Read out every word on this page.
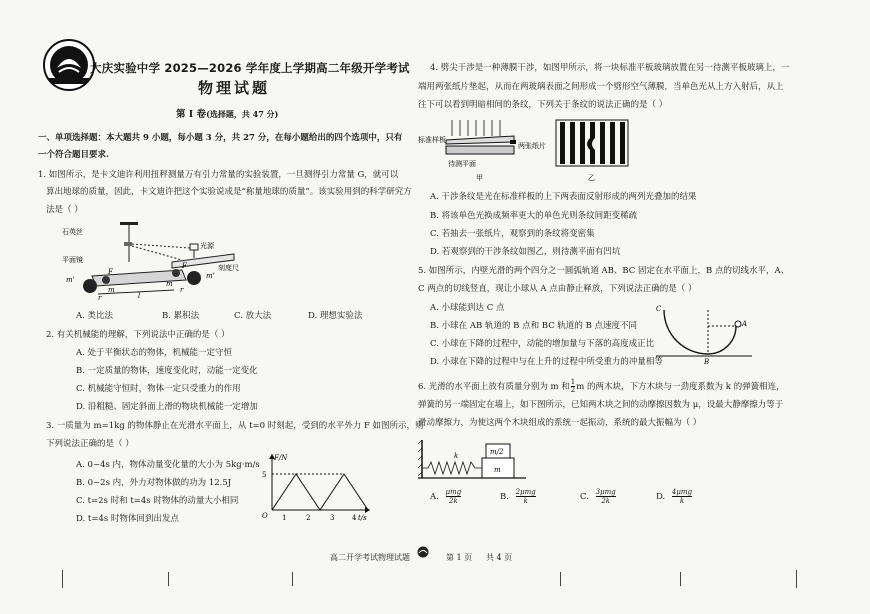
大庆实验中学 2025—2026 学年度上学期高二年级开学考试
物理试题
第 I 卷(选择题，共 47 分)
一、单项选择题：本大题共 9 小题，每小题 3 分，共 27 分，在每小题给出的四个选项中，只有
一个符合题目要求.
1. 如图所示，是卡文迪许利用扭秤测量万有引力常量的实验装置，一旦测得引力常量 G，就可以
算出地球的质量，因此，卡文迪许把这个实验说成是“称量地球的质量”。该实验用到的科学研究方
法是（ ）
石英丝
平面镜
光源
刻度尺
m'	m'
F
F
r
r
m
m
l
A. 类比法	B. 累积法	C. 放大法	D. 理想实验法
2. 有关机械能的理解，下列说法中正确的是（ ）
A. 处于平衡状态的物体，机械能一定守恒
B. 一定质量的物体，速度变化时，动能一定变化
C. 机械能守恒时，物体一定只受重力的作用
D. 沿粗糙、固定斜面上滑的物块机械能一定增加
3. 一质量为 m=1kg 的物体静止在光滑水平面上，从 t=0 时刻起，受到的水平外力 F 如图所示，则
下列说法正确的是（ ）
A. 0~4s 内，物体动量变化量的大小为 5kg·m/s
B. 0~2s 内，外力对物体做的功为 12.5J
C. t=2s 时和 t=4s 时物体的动量大小相同
D. t=4s 时物体回到出发点
F/N
t/s
5
O 1	2	3	4
4. 劈尖干涉是一种薄膜干涉，如图甲所示，将一块标准平板玻璃放置在另一待测平板玻璃上，一
端用两张纸片垫起，从而在两玻璃表面之间形成一个劈形空气薄膜，当单色光从上方入射后，从上
往下可以看到明暗相间的条纹，下列关于条纹的说法正确的是（ ）
标准样板
两张纸片
待测平面
甲	乙
A. 干涉条纹是光在标准样板的上下两表面反射形成的两列光叠加的结果
B. 将该单色光换成频率更大的单色光则条纹间距变稀疏
C. 若抽去一张纸片，观察到的条纹将变密集
D. 若观察到的干涉条纹如图乙，则待测平面有凹坑
5. 如图所示，内壁光滑的两个四分之一圆弧轨道 AB、BC 固定在水平面上，B 点的切线水平，A、
C 两点的切线竖直，现让小球从 A 点由静止释放，下列说法正确的是（ ）
A. 小球能到达 C 点
B. 小球在 AB 轨道的 B 点和 BC 轨道的 B 点速度不同
C. 小球在下降的过程中，动能的增加量与下落的高度成正比
D. 小球在下降的过程中与在上升的过程中所受重力的冲量相等
C
A
B
6. 光滑的水平面上放有质量分别为 m 和 $\frac{1}{2}$ m 的两木块，下方木块与一劲度系数为 k 的弹簧相连，
弹簧的另一端固定在墙上，如下图所示，已知两木块之间的动摩擦因数为 μ，设最大静摩擦力等于
滑动摩擦力，为使这两个木块组成的系统一起振动，系统的最大振幅为（ ）
k	m/2
m
A. μmg
2k	B. 2μmg
k	C. 3μmg
2k	D. 4μmg
k
高二开学考试物理试题	第 1 页 共 4 页
